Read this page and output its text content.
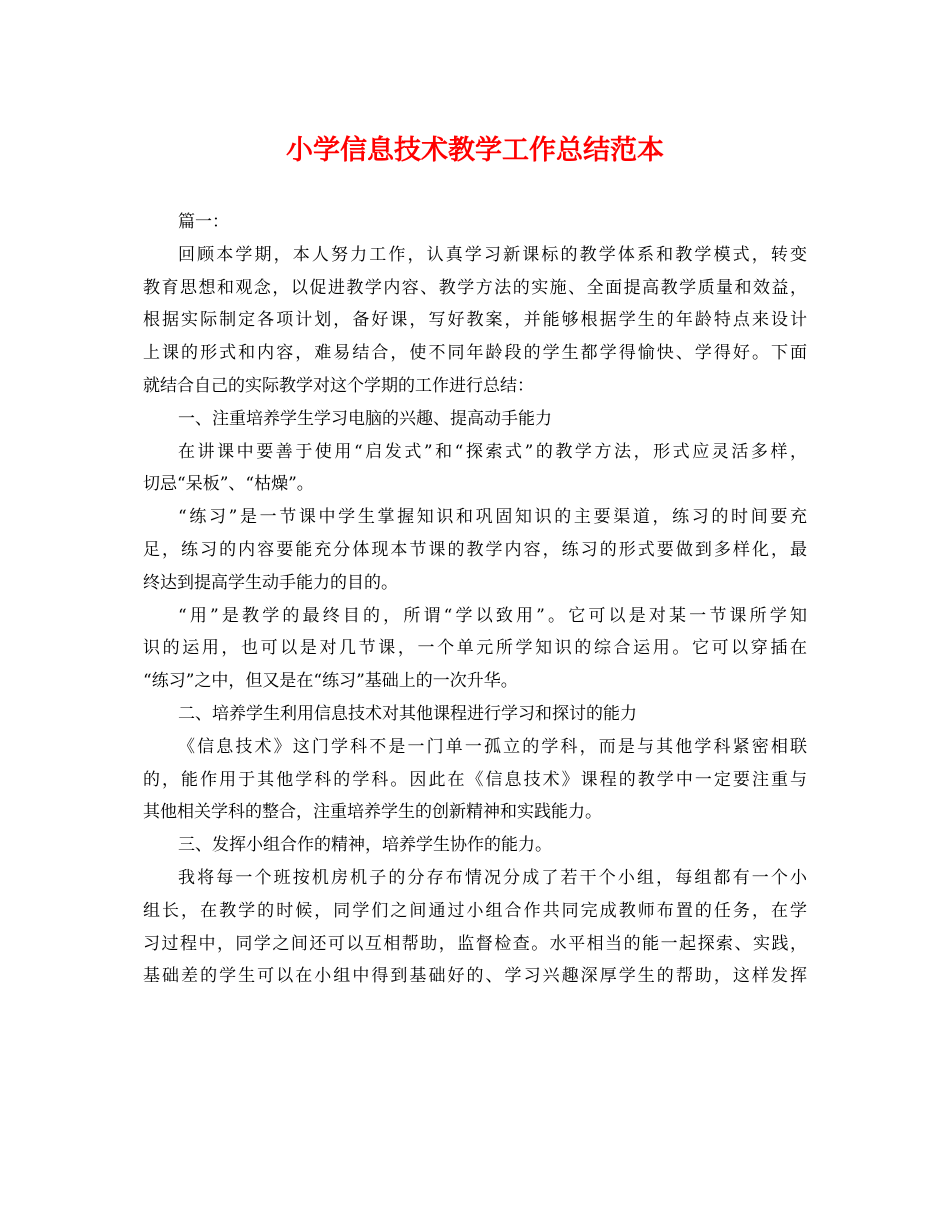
小学信息技术教学工作总结范本
篇一：
回顾本学期，本人努力工作，认真学习新课标的教学体系和教学模式，转变
教育思想和观念，以促进教学内容、教学方法的实施、全面提高教学质量和效益，
根据实际制定各项计划，备好课，写好教案，并能够根据学生的年龄特点来设计
上课的形式和内容，难易结合，使不同年龄段的学生都学得愉快、学得好。下面
就结合自己的实际教学对这个学期的工作进行总结：
一、注重培养学生学习电脑的兴趣、提高动手能力
在讲课中要善于使用“启发式”和“探索式”的教学方法，形式应灵活多样，
切忌“呆板”、“枯燥”。
“练习”是一节课中学生掌握知识和巩固知识的主要渠道，练习的时间要充
足，练习的内容要能充分体现本节课的教学内容，练习的形式要做到多样化，最
终达到提高学生动手能力的目的。
“用”是教学的最终目的，所谓“学以致用”。它可以是对某一节课所学知
识的运用，也可以是对几节课，一个单元所学知识的综合运用。它可以穿插在
“练习”之中，但又是在“练习”基础上的一次升华。
二、培养学生利用信息技术对其他课程进行学习和探讨的能力
《信息技术》这门学科不是一门单一孤立的学科，而是与其他学科紧密相联
的，能作用于其他学科的学科。因此在《信息技术》课程的教学中一定要注重与
其他相关学科的整合，注重培养学生的创新精神和实践能力。
三、发挥小组合作的精神，培养学生协作的能力。
我将每一个班按机房机子的分存布情况分成了若干个小组，每组都有一个小
组长，在教学的时候，同学们之间通过小组合作共同完成教师布置的任务，在学
习过程中，同学之间还可以互相帮助，监督检查。水平相当的能一起探索、实践，
基础差的学生可以在小组中得到基础好的、学习兴趣深厚学生的帮助，这样发挥
